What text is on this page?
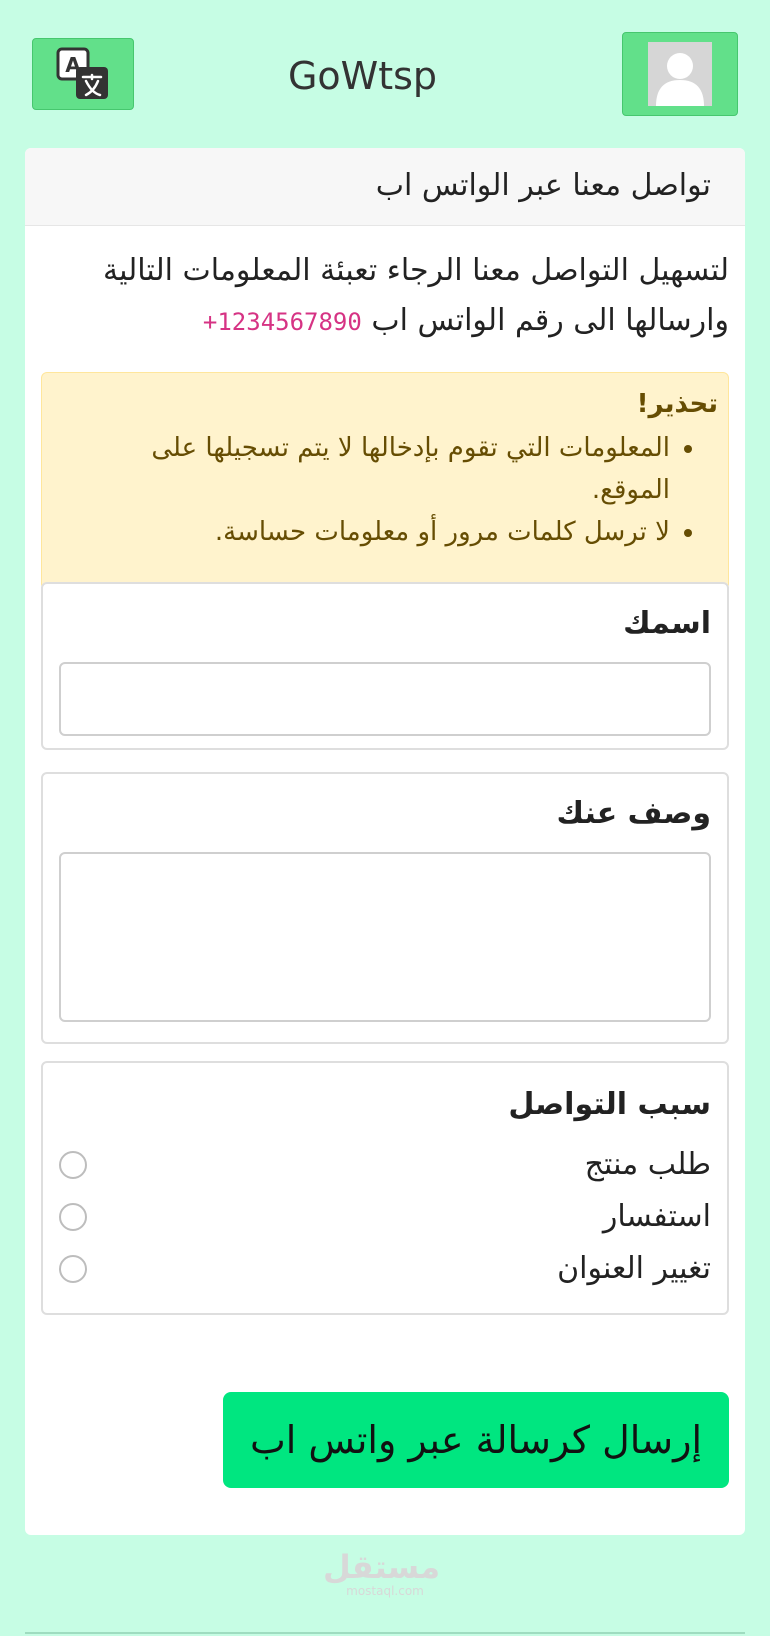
A	GoWtsp
تواصل معنا عبر الواتس اب
لتسهيل التواصل معنا الرجاء تعبئة المعلومات التالية
وارسالها الى رقم الواتس اب +1234567890
تحذير!
• المعلومات التي تقوم بإدخالها لا يتم تسجيلها على الموقع.
• لا ترسل كلمات مرور أو معلومات حساسة.
اسمك
وصف عنك
سبب التواصل
طلب منتج
استفسار
تغيير العنوان
إرسال كرسالة عبر واتس اب
مستقل
mostaql.com
